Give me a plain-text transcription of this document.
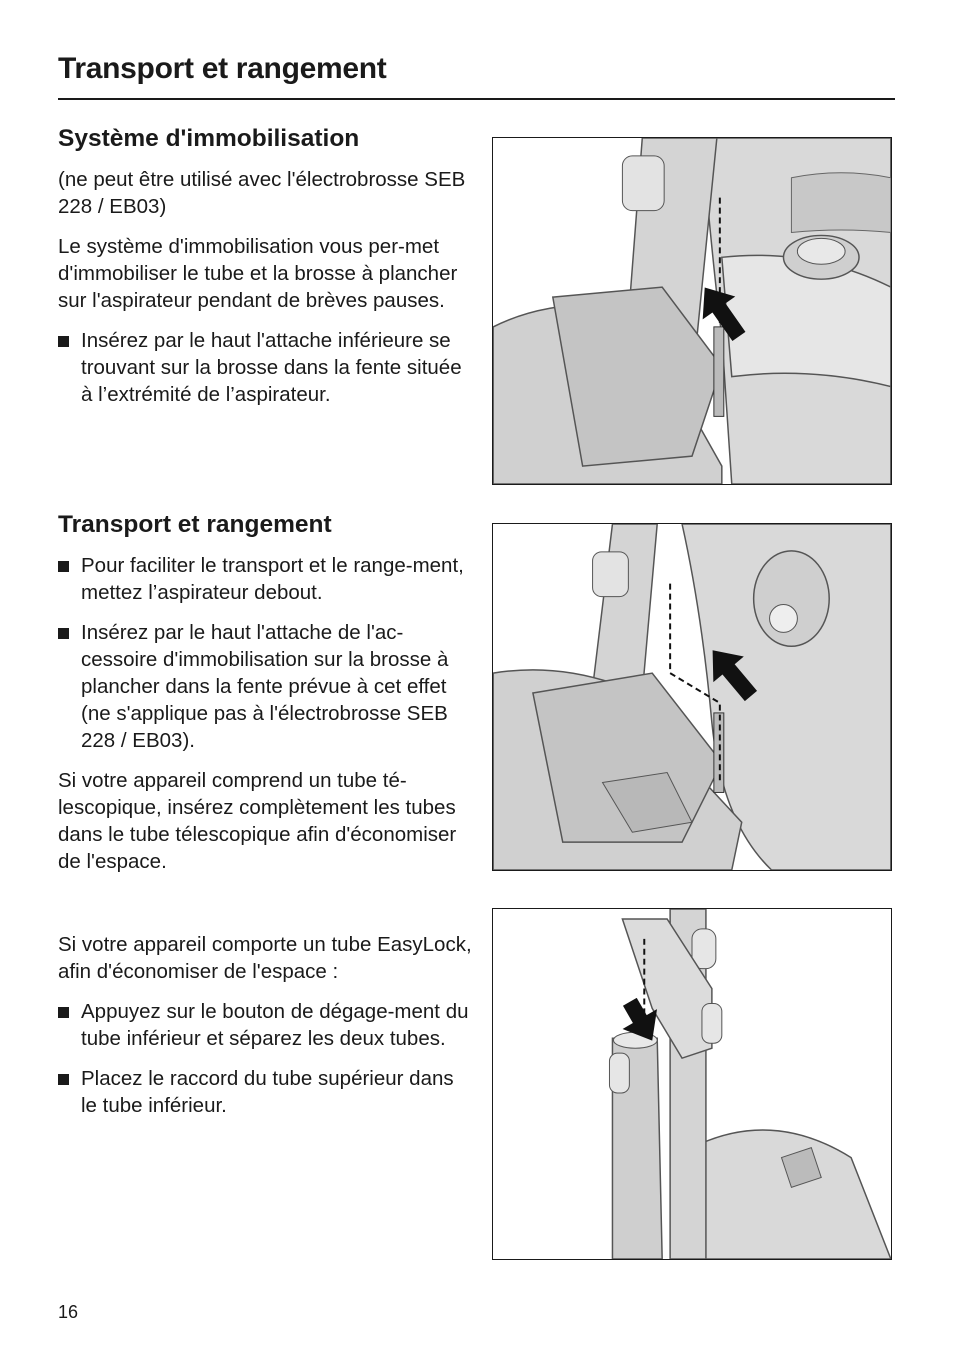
Transport et rangement
Système d'immobilisation

(ne peut être utilisé avec l'électrobrosse SEB 228 / EB03)

Le système d'immobilisation vous per-met d'immobiliser le tube et la brosse à plancher sur l'aspirateur pendant de brèves pauses.

Insérez par le haut l'attache inférieure se trouvant sur la brosse dans la fente située à l’extrémité de l’aspirateur.
Transport et rangement
Pour faciliter le transport et le range-ment, mettez l’aspirateur debout.
Insérez par le haut l'attache de l'ac-cessoire d'immobilisation sur la brosse à plancher dans la fente prévue à cet effet (ne s'applique pas à l'électrobrosse SEB 228 / EB03).

Si votre appareil comprend un tube té-lescopique, insérez complètement les tubes dans le tube télescopique afin d'économiser de l'espace.

Si votre appareil comporte un tube EasyLock, afin d'économiser de l'espace :

Appuyez sur le bouton de dégage-ment du tube inférieur et séparez les deux tubes.
Placez le raccord du tube supérieur dans le tube inférieur.
16
